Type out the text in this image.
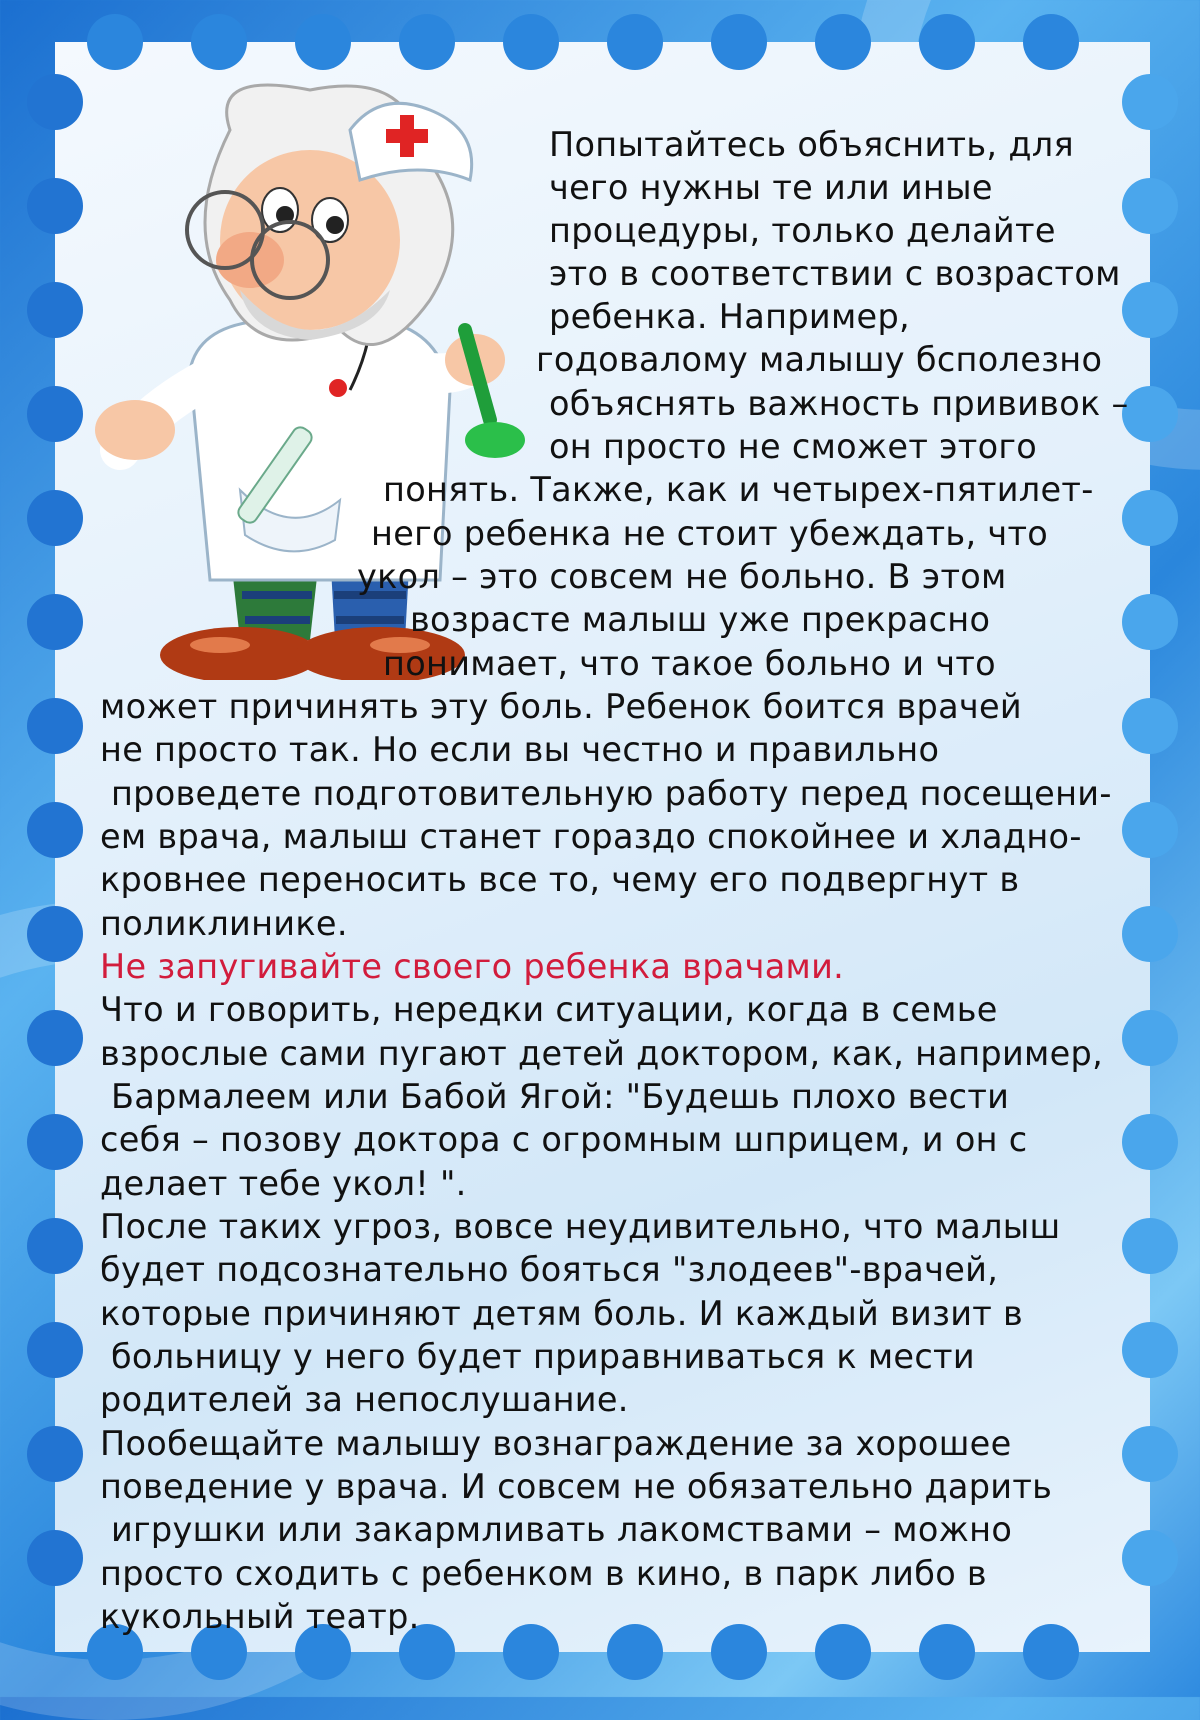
Попытайтесь объяснить, для
чего нужны те или иные
процедуры, только делайте
это в соответствии с возрастом
ребенка. Например,
годовалому малышу бсполезно
объяснять важность прививок –
он просто не сможет этого
понять. Также, как и четырех-пятилет-
него ребенка не стоит убеждать, что
укол – это совсем не больно. В этом
возрасте малыш уже прекрасно
понимает, что такое больно и что
может причинять эту боль. Ребенок боится врачей
не просто так. Но если вы честно и правильно
проведете подготовительную работу перед посещени-
ем врача, малыш станет гораздо спокойнее и хладно-
кровнее переносить все то, чему его подвергнут в
поликлинике.
Не запугивайте своего ребенка врачами.
Что и говорить, нередки ситуации, когда в семье
взрослые сами пугают детей доктором, как, например,
Бармалеем или Бабой Ягой: "Будешь плохо вести
себя – позову доктора с огромным шприцем, и он с
делает тебе укол! ".
После таких угроз, вовсе неудивительно, что малыш
будет подсознательно бояться "злодеев"-врачей,
которые причиняют детям боль. И каждый визит в
больницу у него будет приравниваться к мести
родителей за непослушание.
Пообещайте малышу вознаграждение за хорошее
поведение у врача. И совсем не обязательно дарить
игрушки или закармливать лакомствами – можно
просто сходить с ребенком в кино, в парк либо в
кукольный театр.
